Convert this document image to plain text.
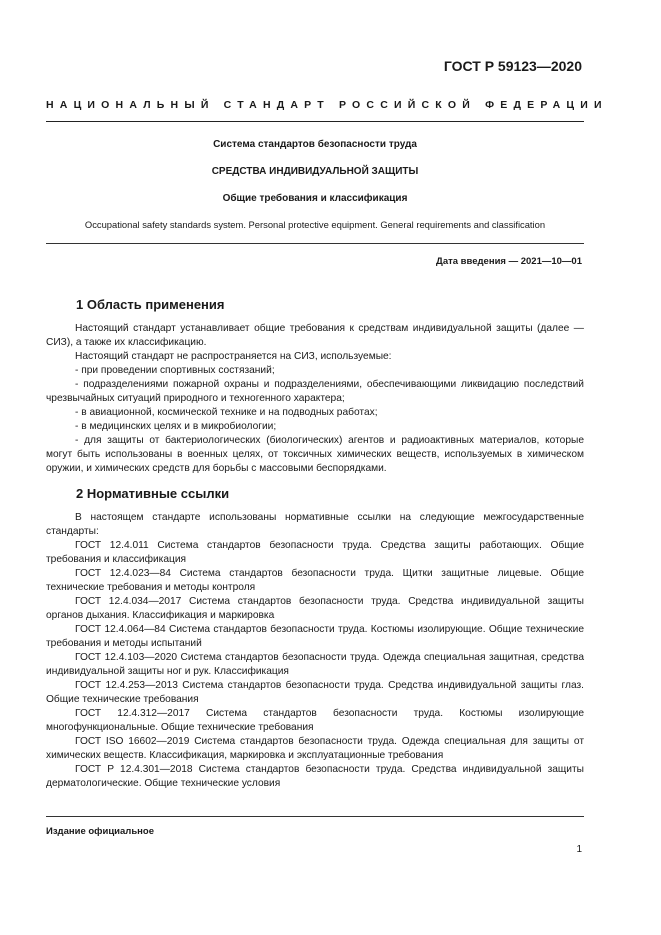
ГОСТ Р 59123—2020
НАЦИОНАЛЬНЫЙ СТАНДАРТ РОССИЙСКОЙ ФЕДЕРАЦИИ
Система стандартов безопасности труда
СРЕДСТВА ИНДИВИДУАЛЬНОЙ ЗАЩИТЫ
Общие требования и классификация
Occupational safety standards system. Personal protective equipment. General requirements and classification
Дата введения — 2021—10—01
1 Область применения

Настоящий стандарт устанавливает общие требования к средствам индивидуальной защиты (далее — СИЗ), а также их классификацию.

Настоящий стандарт не распространяется на СИЗ, используемые:

- при проведении спортивных состязаний;

- подразделениями пожарной охраны и подразделениями, обеспечивающими ликвидацию последствий чрезвычайных ситуаций природного и техногенного характера;

- в авиационной, космической технике и на подводных работах;

- в медицинских целях и в микробиологии;

- для защиты от бактериологических (биологических) агентов и радиоактивных материалов, которые могут быть использованы в военных целях, от токсичных химических веществ, используемых в химическом оружии, и химических средств для борьбы с массовыми беспорядками.

2 Нормативные ссылки

В настоящем стандарте использованы нормативные ссылки на следующие межгосударственные стандарты:

ГОСТ 12.4.011 Система стандартов безопасности труда. Средства защиты работающих. Общие требования и классификация

ГОСТ 12.4.023—84 Система стандартов безопасности труда. Щитки защитные лицевые. Общие технические требования и методы контроля

ГОСТ 12.4.034—2017 Система стандартов безопасности труда. Средства индивидуальной защиты органов дыхания. Классификация и маркировка

ГОСТ 12.4.064—84 Система стандартов безопасности труда. Костюмы изолирующие. Общие технические требования и методы испытаний

ГОСТ 12.4.103—2020 Система стандартов безопасности труда. Одежда специальная защитная, средства индивидуальной защиты ног и рук. Классификация

ГОСТ 12.4.253—2013 Система стандартов безопасности труда. Средства индивидуальной защиты глаз. Общие технические требования

ГОСТ 12.4.312—2017 Система стандартов безопасности труда. Костюмы изолирующие многофункциональные. Общие технические требования

ГОСТ ISO 16602—2019 Система стандартов безопасности труда. Одежда специальная для защиты от химических веществ. Классификация, маркировка и эксплуатационные требования

ГОСТ Р 12.4.301—2018 Система стандартов безопасности труда. Средства индивидуальной защиты дерматологические. Общие технические условия

Издание официальное
1
